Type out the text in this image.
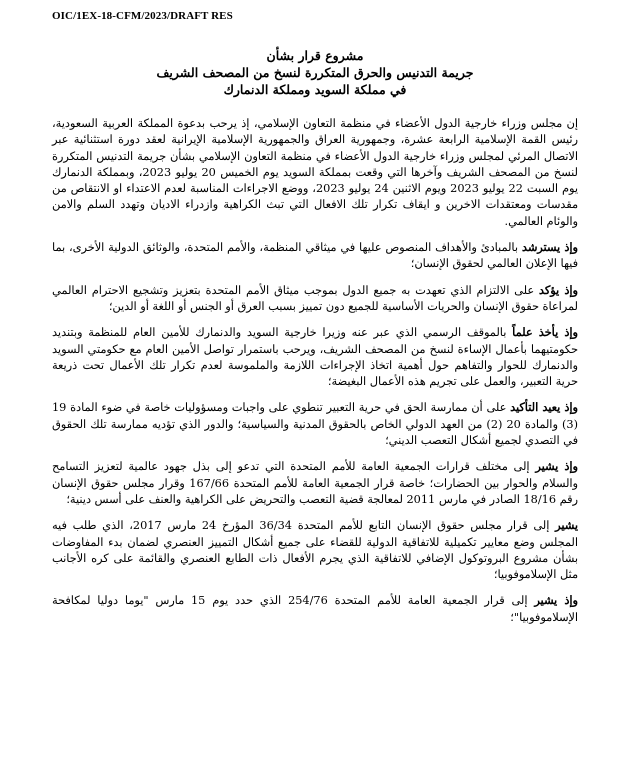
OIC/1EX-18-CFM/2023/DRAFT RES
مشروع قرار بشأن
جريمة التدنيس والحرق المتكررة لنسخ من المصحف الشريف
في مملكة السويد ومملكة الدنمارك

إن مجلس وزراء خارجية الدول الأعضاء في منظمة التعاون الإسلامي، إذ يرحب بدعوة المملكة العربية السعودية، رئيس القمة الإسلامية الرابعة عشرة، وجمهورية العراق والجمهورية الإسلامية الإيرانية لعقد دورة استثنائية عبر الاتصال المرئي لمجلس وزراء خارجية الدول الأعضاء في منظمة التعاون الإسلامي بشأن جريمة التدنيس المتكررة لنسخ من المصحف الشريف وآخرها التي وقعت بمملكة السويد يوم الخميس 20 يوليو 2023، وبمملكة الدنمارك يوم السبت 22 يوليو 2023 ويوم الاثنين 24 يوليو 2023، ووضع الاجراءات المناسبة لعدم الاعتداء او الانتقاص من مقدسات ومعتقدات الاخرين و ايقاف تكرار تلك الافعال التي تبث الكراهية وازدراء الاديان وتهدد السلم والامن والوئام العالمي.

وإذ يسترشد بالمبادئ والأهداف المنصوص عليها في ميثاقي المنظمة، والأمم المتحدة، والوثائق الدولية الأخرى، بما فيها الإعلان العالمي لحقوق الإنسان؛

وإذ يؤكد على الالتزام الذي تعهدت به جميع الدول بموجب ميثاق الأمم المتحدة بتعزيز وتشجيع الاحترام العالمي لمراعاة حقوق الإنسان والحريات الأساسية للجميع دون تمييز بسبب العرق أو الجنس أو اللغة أو الدين؛

وإذ يأخذ علماً بالموقف الرسمي الذي عبر عنه وزيرا خارجية السويد والدنمارك للأمين العام للمنظمة وبتنديد حكومتيهما بأعمال الإساءة لنسخ من المصحف الشريف، ويرحب باستمرار تواصل الأمين العام مع حكومتي السويد والدنمارك للحوار والتفاهم حول أهمية اتخاذ الإجراءات اللازمة والملموسة لعدم تكرار تلك الأعمال تحت ذريعة حرية التعبير، والعمل على تجريم هذه الأعمال البغيضة؛

وإذ يعيد التأكيد على أن ممارسة الحق في حرية التعبير تنطوي على واجبات ومسؤوليات خاصة في ضوء المادة 19 (3) والمادة 20 (2) من العهد الدولي الخاص بالحقوق المدنية والسياسية؛ والدور الذي تؤديه ممارسة تلك الحقوق في التصدي لجميع أشكال التعصب الديني؛

وإذ يشير إلى مختلف قرارات الجمعية العامة للأمم المتحدة التي تدعو إلى بذل جهود عالمية لتعزيز التسامح والسلام والحوار بين الحضارات؛ خاصة قرار الجمعية العامة للأمم المتحدة 167/66 وقرار مجلس حقوق الإنسان رقم 18/16 الصادر في مارس 2011 لمعالجة قضية التعصب والتحريض على الكراهية والعنف على أسس دينية؛

يشير إلى قرار مجلس حقوق الإنسان التابع للأمم المتحدة 36/34 المؤرخ 24 مارس 2017، الذي طلب فيه المجلس وضع معايير تكميلية للاتفاقية الدولية للقضاء على جميع أشكال التمييز العنصري لضمان بدء المفاوضات بشأن مشروع البروتوكول الإضافي للاتفاقية الذي يجرم الأفعال ذات الطابع العنصري والقائمة على كره الأجانب مثل الإسلاموفوبيا؛

وإذ يشير إلى قرار الجمعية العامة للأمم المتحدة 254/76 الذي حدد يوم 15 مارس "يوما دوليا لمكافحة الإسلاموفوبيا"؛
